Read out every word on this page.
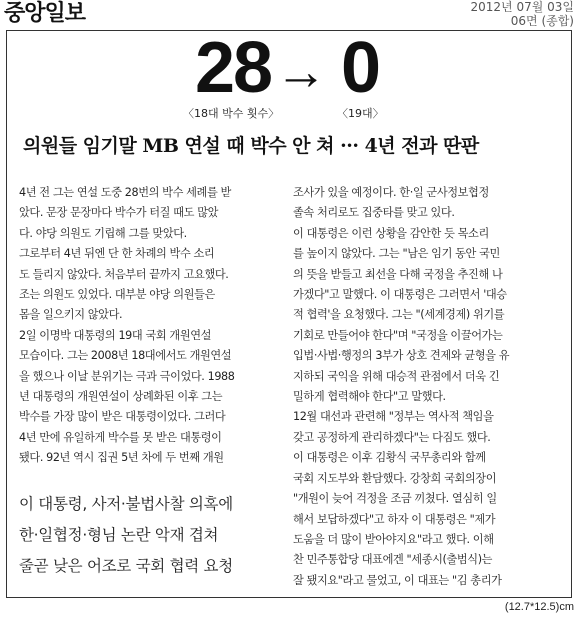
중앙일보	2012년 07월 03일
06면 (종합)
28 → 0
〈18대 박수 횟수〉	〈19대〉
의원들 임기말 MB 연설 때 박수 안 쳐 ··· 4년 전과 딴판

4년 전 그는 연설 도중 28번의 박수 세례를 받

았다. 문장 문장마다 박수가 터질 때도 많았

다. 야당 의원도 기립해 그를 맞았다.

그로부터 4년 뒤엔 단 한 차례의 박수 소리

도 들리지 않았다. 처음부터 끝까지 고요했다.

조는 의원도 있었다. 대부분 야당 의원들은

몸을 일으키지 않았다.

2일 이명박 대통령의 19대 국회 개원연설

모습이다. 그는 2008년 18대에서도 개원연설

을 했으나 이날 분위기는 극과 극이었다. 1988

년 대통령의 개원연설이 상례화된 이후 그는

박수를 가장 많이 받은 대통령이었다. 그러다

4년 만에 유일하게 박수를 못 받은 대통령이

됐다. 92년 역시 집권 5년 차에 두 번째 개원

이 대통령, 사저·불법사찰 의혹에

한·일협정·형님 논란 악재 겹쳐

줄곧 낮은 어조로 국회 협력 요청

조사가 있을 예정이다. 한·일 군사정보협정

졸속 처리로도 집중타를 맞고 있다.

이 대통령은 이런 상황을 감안한 듯 목소리

를 높이지 않았다. 그는 "남은 임기 동안 국민

의 뜻을 받들고 최선을 다해 국정을 추진해 나

가겠다"고 말했다. 이 대통령은 그러면서 '대승

적 협력'을 요청했다. 그는 "(세계경제) 위기를

기회로 만들어야 한다"며 "국정을 이끌어가는

입법·사법·행정의 3부가 상호 견제와 균형을 유

지하되 국익을 위해 대승적 관점에서 더욱 긴

밀하게 협력해야 한다"고 말했다.

12월 대선과 관련해 "정부는 역사적 책임을

갖고 공정하게 관리하겠다"는 다짐도 했다.

이 대통령은 이후 김황식 국무총리와 함께

국회 지도부와 환담했다. 강창희 국회의장이

"개원이 늦어 걱정을 조금 끼쳤다. 열심히 일

해서 보답하겠다"고 하자 이 대통령은 "제가

도움을 더 많이 받아야지요"라고 했다. 이해

찬 민주통합당 대표에겐 "세종시(출범식)는

잘 됐지요"라고 물었고, 이 대표는 "김 총리가

(12.7*12.5)cm
